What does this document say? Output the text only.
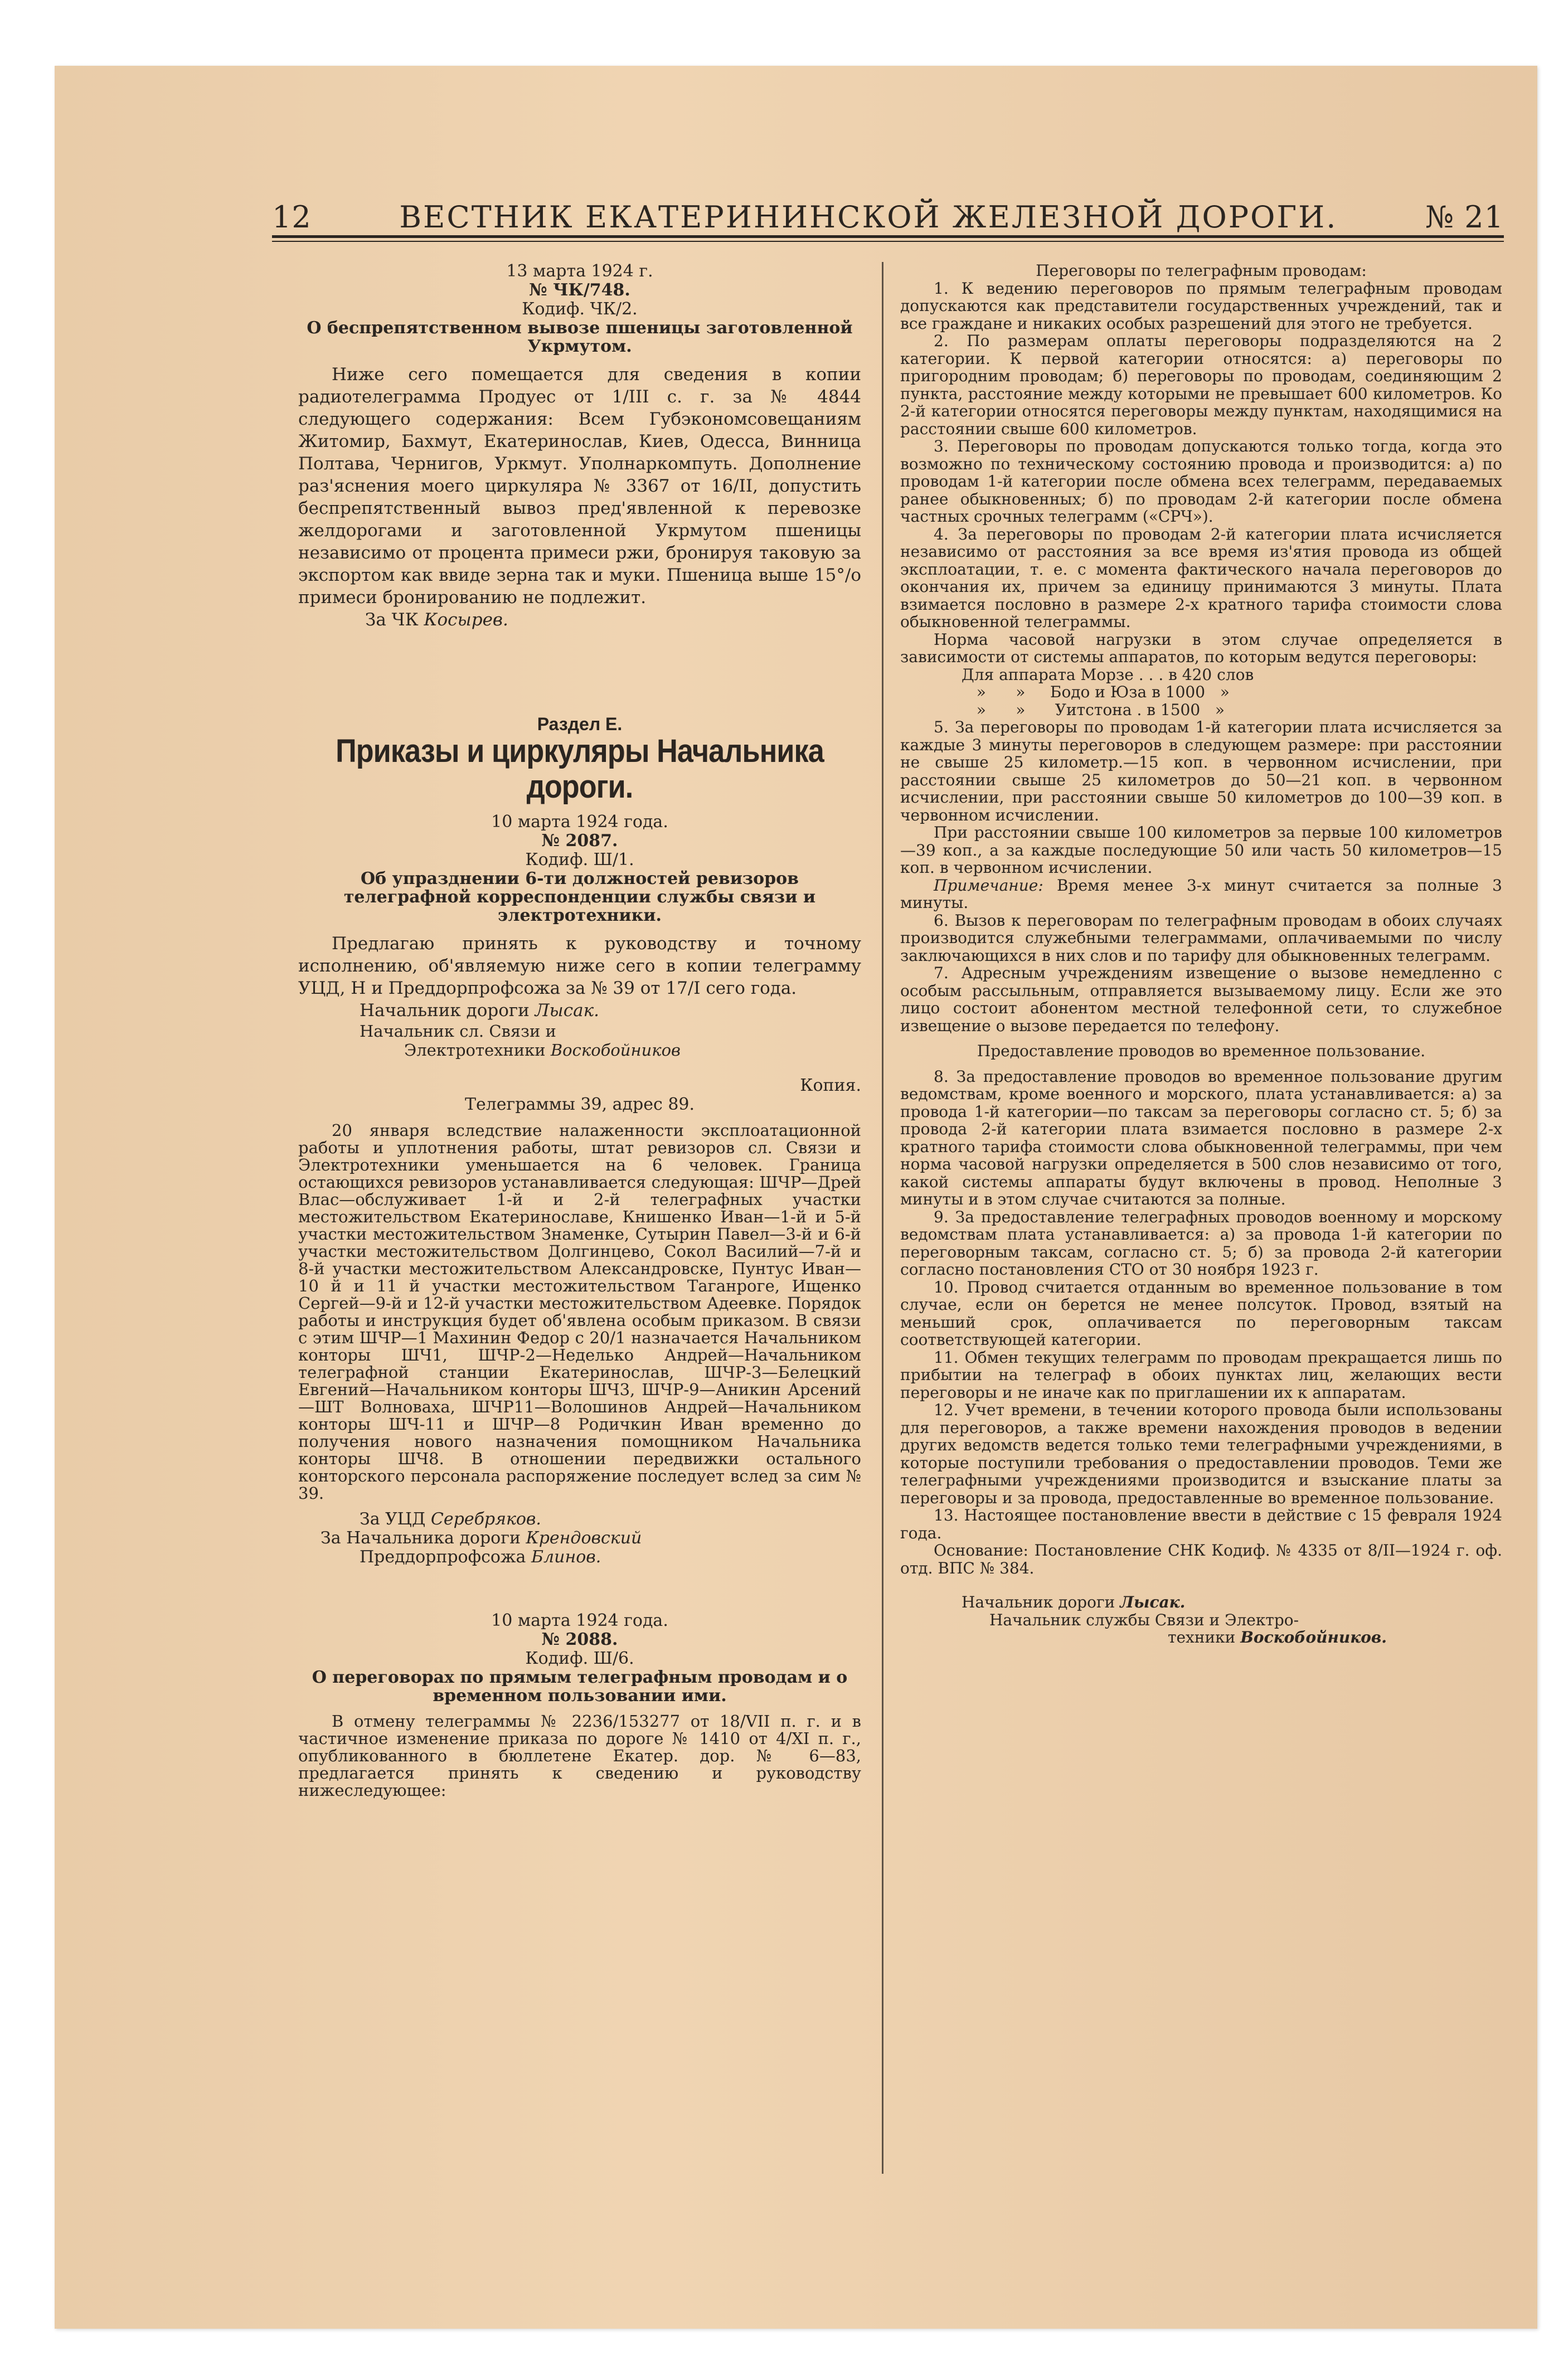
12	ВЕСТНИК ЕКАТЕРИНИНСКОЙ ЖЕЛЕЗНОЙ ДОРОГИ.	№ 21
13 марта 1924 г.
№ ЧК/748.
Кодиф. ЧК/2.
О беспрепятственном вывозе пшеницы заготовленной Укрмутом.

Ниже сего помещается для сведения в копии радиотелеграмма Продуес от 1/III с. г. за № 4844 следующего содержания: Всем Губэкономсовещаниям Житомир, Бахмут, Екатеринослав, Киев, Одесса, Винница Полтава, Чернигов, Уркмут. Уполнаркомпуть. Дополнение раз'яснения моего циркуляра № 3367 от 16/II, допустить беспрепятственный вывоз пред'явленной к перевозке желдорогами и заготовленной Укрмутом пшеницы независимо от процента примеси ржи, бронируя таковую за экспортом как ввиде зерна так и муки. Пшеница выше 15°/о примеси бронированию не подлежит.

За ЧК Косырев.
Раздел Е.
Приказы и циркуляры Начальника дороги.
10 марта 1924 года.
№ 2087.
Кодиф. Ш/1.
Об упразднении 6-ти должностей ревизоров телеграфной корреспонденции службы связи и электротехники.

Предлагаю принять к руководству и точному исполнению, об'являемую ниже сего в копии телеграмму УЦД, Н и Преддорпрофсожа за № 39 от 17/I сего года.

Начальник дороги Лысак.
Начальник сл. Связи и
Электротехники Воскобойников
Копия.
Телеграммы 39, адрес 89.

20 января вследствие налаженности эксплоатационной работы и уплотнения работы, штат ревизоров сл. Связи и Электротехники уменьшается на 6 человек. Граница остающихся ревизоров устанавливается следующая: ШЧР—Дрей Влас—обслуживает 1-й и 2-й телеграфных участки местожительством Екатеринославе, Книшенко Иван—1-й и 5-й участки местожительством Знаменке, Сутырин Павел—3-й и 6-й участки местожительством Долгинцево, Сокол Василий—7-й и 8-й участки местожительством Александровске, Пунтус Иван—10 й и 11 й участки местожительством Таганроге, Ищенко Сергей—9-й и 12-й участки местожительством Адеевке. Порядок работы и инструкция будет об'явлена особым приказом. В связи с этим ШЧР—1 Махинин Федор с 20/1 назначается Начальником конторы ШЧ1, ШЧР-2—Неделько Андрей—Начальником телеграфной станции Екатеринослав, ШЧР-3—Белецкий Евгений—Начальником конторы ШЧ3, ШЧР-9—Аникин Арсений—ШТ Волноваха, ШЧР11—Волошинов Андрей—Начальником конторы ШЧ-11 и ШЧР—8 Родичкин Иван временно до получения нового назначения помощником Начальника конторы ШЧ8. В отношении передвижки остального конторского персонала распоряжение последует вслед за сим № 39.

За УЦД Серебряков.
За Начальника дороги Крендовский
Преддорпрофсожа Блинов.
10 марта 1924 года.
№ 2088.
Кодиф. Ш/6.
О переговорах по прямым телеграфным проводам и о временном пользовании ими.

В отмену телеграммы № 2236/153277 от 18/VII п. г. и в частичное изменение приказа по дороге № 1410 от 4/XI п. г., опубликованного в бюллетене Екатер. дор. № 6—83, предлагается принять к сведению и руководству нижеследующее:

Переговоры по телеграфным проводам:

1. К ведению переговоров по прямым телеграфным проводам допускаются как представители государственных учреждений, так и все граждане и никаких особых разрешений для этого не требуется.

2. По размерам оплаты переговоры подразделяются на 2 категории. К первой категории относятся: а) переговоры по пригородним проводам; б) переговоры по проводам, соединяющим 2 пункта, расстояние между которыми не превышает 600 километров. Ко 2-й категории относятся переговоры между пунктам, находящимися на расстоянии свыше 600 километров.

3. Переговоры по проводам допускаются только тогда, когда это возможно по техническому состоянию провода и производится: а) по проводам 1-й категории после обмена всех телеграмм, передаваемых ранее обыкновенных; б) по проводам 2-й категории после обмена частных срочных телеграмм («СРЧ»).

4. За переговоры по проводам 2-й категории плата исчисляется независимо от расстояния за все время из'ятия провода из общей эксплоатации, т. е. с момента фактического начала переговоров до окончания их, причем за единицу принимаются 3 минуты. Плата взимается пословно в размере 2-х кратного тарифа стоимости слова обыкновенной телеграммы.

Норма часовой нагрузки в этом случае определяется в зависимости от системы аппаратов, по которым ведутся переговоры:

Для аппарата Морзе . . . в 420 слов
»      »     Бодо и Юза в 1000   »
»      »      Уитстона . в 1500   »

5. За переговоры по проводам 1-й категории плата исчисляется за каждые 3 минуты переговоров в следующем размере: при расстоянии не свыше 25 километр.—15 коп. в червонном исчислении, при расстоянии свыше 25 километров до 50—21 коп. в червонном исчислении, при расстоянии свыше 50 километров до 100—39 коп. в червонном исчислении.

При расстоянии свыше 100 километров за первые 100 километров—39 коп., а за каждые последующие 50 или часть 50 километров—15 коп. в червонном исчислении.

Примечание: Время менее 3-х минут считается за полные 3 минуты.

6. Вызов к переговорам по телеграфным проводам в обоих случаях производится служебными телеграммами, оплачиваемыми по числу заключающихся в них слов и по тарифу для обыкновенных телеграмм.

7. Адресным учреждениям извещение о вызове немедленно с особым рассыльным, отправляется вызываемому лицу. Если же это лицо состоит абонентом местной телефонной сети, то служебное извещение о вызове передается по телефону.

Предоставление проводов во временное пользование.

8. За предоставление проводов во временное пользование другим ведомствам, кроме военного и морского, плата устанавливается: а) за провода 1-й категории—по таксам за переговоры согласно ст. 5; б) за провода 2-й категории плата взимается пословно в размере 2-х кратного тарифа стоимости слова обыкновенной телеграммы, при чем норма часовой нагрузки определяется в 500 слов независимо от того, какой системы аппараты будут включены в провод. Неполные 3 минуты и в этом случае считаются за полные.

9. За предоставление телеграфных проводов военному и морскому ведомствам плата устанавливается: а) за провода 1-й категории по переговорным таксам, согласно ст. 5; б) за провода 2-й категории согласно постановления СТО от 30 ноября 1923 г.

10. Провод считается отданным во временное пользование в том случае, если он берется не менее полсуток. Провод, взятый на меньший срок, оплачивается по переговорным таксам соответствующей категории.

11. Обмен текущих телеграмм по проводам прекращается лишь по прибытии на телеграф в обоих пунктах лиц, желающих вести переговоры и не иначе как по приглашении их к аппаратам.

12. Учет времени, в течении которого провода были использованы для переговоров, а также времени нахождения проводов в ведении других ведомств ведется только теми телеграфными учреждениями, в которые поступили требования о предоставлении проводов. Теми же телеграфными учреждениями производится и взыскание платы за переговоры и за провода, предоставленные во временное пользование.

13. Настоящее постановление ввести в действие с 15 февраля 1924 года.

Основание: Постановление СНК Кодиф. № 4335 от 8/II—1924 г. оф. отд. ВПС № 384.

Начальник дороги Лысак.
Начальник службы Связи и Электро-
техники Воскобойников.
